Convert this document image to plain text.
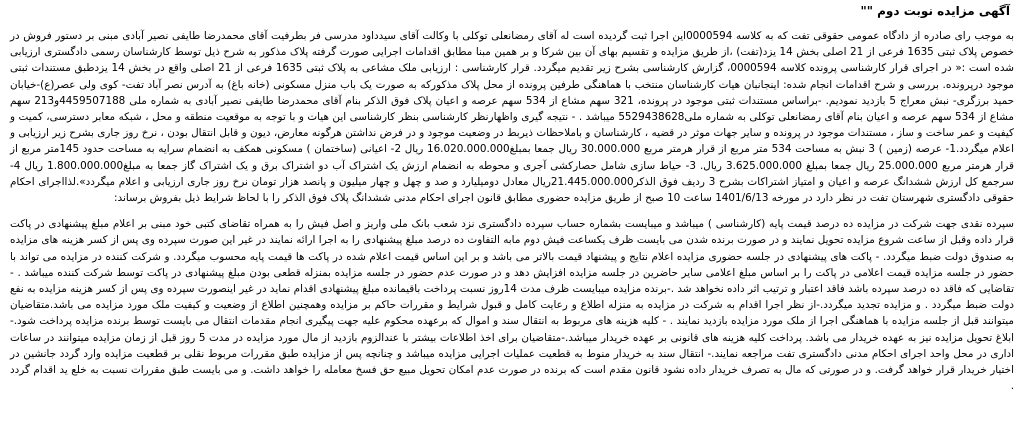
آگهی مزایده نوبت دوم ""

به موجب رای صادره از دادگاه عمومی حقوقی تفت که به کلاسه 0000594این اجرا ثبت گردیده است له آقای رمضانعلی توکلی با وکالت آقای سیدداود مدرسی فر بطرفیت آقای محمدرضا طایفی نصیر آبادی مبنی بر دستور فروش در خصوص پلاک ثبتی 1635 فرعی از 21 اصلی بخش 14 یزد(تفت) ،از طریق مزایده و تقسیم بهای آن بین شرکا و بر همین مبنا مطابق اقدامات اجرایی صورت گرفته پلاک مذکور به شرح ذیل توسط کارشناسان رسمی دادگستری ارزیابی شده است :« در اجرای قرار کارشناسی پرونده کلاسه 0000594، گزارش کارشناسی بشرح زیر تقدیم میگردد. قرار کارشناسی : ارزیابی ملک مشاعی به پلاک ثبتی 1635 فرعی از 21 اصلی واقع در بخش 14 یزدطبق مستندات ثبتی موجود درپرونده. بررسی و شرح اقدامات انجام شده: اینجانبان هیات کارشناسان منتخب با هماهنگی طرفین پرونده از محل پلاک مذکورکه به صورت یک باب منزل مسکونی (خانه باغ) به آدرس نصر آباد تفت- کوی ولی عصر(ع)-خیابان حمید برزگری- نبش معراج 5 بازدید نمودیم. -براساس مستندات ثبتی موجود در پرونده، 321 سهم مشاع از 534 سهم عرصه و اعیان پلاک فوق الذکر بنام آقای محمدرضا طایفی نصیر آبادی به شماره ملی 4459507188و213 سهم مشاع از 534 سهم عرصه و اعیان بنام آقای رمضانعلی توکلی به شماره ملی5529438628 میباشد . - نتیجه گیری واظهارنظر کارشناسی بنظر کارشناسی این هیات و با توجه به موقعیت منطقه و محل ، شبکه معابر دسترسی، کمیت و کیفیت و عمر ساخت و ساز ، مستندات موجود در پرونده و سایر جهات موثر در قضیه ، کارشناسان و باملاحظات ذیربط در وضعیت موجود و در فرض نداشتن هرگونه معارض، دیون و قابل انتقال بودن ، نرخ روز جاری بشرح زیر ارزیابی و اعلام میگردد.1- عرصه (زمین ) 3 نبش به مساحت 534 متر مربع از قرار هرمتر مربع 30.000.000 ریال جمعا بمبلغ16.020.000.000 ریال 2- اعیانی (ساختمان ) مسکونی همکف به انضمام سرایه به مساحت حدود 145متر مربع از قرار هرمتر مربع 25.000.000 ریال جمعا بمبلغ 3.625.000.000 ریال. 3- حیاط سازی شامل حصارکشی آجری و محوطه به انضمام ارزش یک اشتراک آب دو اشتراک برق و یک اشتراک گاز جمعا به مبلغ1.800.000.000 ریال 4- سرجمع کل ارزش ششدانگ عرصه و اعیان و امتیاز اشتراکات بشرح 3 ردیف فوق الذکر21.445.000.000ریال معادل دومیلیارد و صد و چهل و چهار میلیون و پانصد هزار تومان نرخ روز جاری ارزیابی و اعلام میگردد».لذااجرای احکام حقوقی دادگستری شهرستان تفت در نظر دارد در مورخه 1401/6/13 ساعت 10 صبح از طریق مزایده حضوری مطابق قانون اجرای احکام مدنی ششدانگ پلاک فوق الذکر را با لحاظ شرایط ذیل بفروش برساند:

سپرده نقدی جهت شرکت در مزایده ده درصد قیمت پایه (کارشناسی ) میباشد و میبایست بشماره حساب سپرده دادگستری نزد شعب بانک ملی واریز و اصل فیش را به همراه تقاضای کتبی خود مبنی بر اعلام مبلغ پیشنهادی در پاکت قرار داده وقبل از ساعت شروع مزایده تحویل نمایند و در صورت برنده شدن می بایست ظرف یکساعت فیش دوم مابه التفاوت ده درصد مبلغ پیشنهادی را به اجرا ارائه نمایند در غیر این صورت سپرده وی پس از کسر هزینه های مزایده به صندوق دولت ضبط میگردد. - پاکت های پیشنهادی در جلسه حضوری مزایده اعلام نتایج و پیشنهاد قیمت بالاتر می باشد و بر این اساس قیمت اعلام شده در پاکت ها قیمت پایه محسوب میگردد. و شرکت کننده در مزایده می تواند با حضور در جلسه مزایده قیمت اعلامی در پاکت را بر اساس مبلغ اعلامی سایر حاضرین در جلسه مزایده افزایش دهد و در صورت عدم حضور در جلسه مزایده بمنزله قطعی بودن مبلغ پیشنهادی در پاکت توسط شرکت کننده میباشد . - تقاضایی که فاقد ده درصد سپرده باشد فاقد اعتبار و ترتیب اثر داده نخواهد شد .-برنده مزایده میبایست ظرف مدت 14روز نسبت پرداخت باقیمانده مبلغ پیشنهادی اقدام نماید در غیر اینصورت سپرده وی پس از کسر هزینه مزایده به نفع دولت ضبط میگردد . و مزایده تجدید میگردد.-از نظر اجرا اقدام به شرکت در مزایده به منزله اطلاع و رعایت کامل و قبول شرایط و مقررات حاکم بر مزایده وهمچنین اطلاع از وضعیت و کیفیت ملک مورد مزایده می باشد.متقاضیان میتوانند قبل از جلسه مزایده با هماهنگی اجرا از ملک مورد مزایده بازدید نمایند . - کلیه هزینه های مربوط به انتقال سند و اموال که برعهده محکوم علیه جهت پیگیری انجام مقدمات انتقال می بایست توسط برنده مزایده پرداخت شود.-ابلاغ تحویل مزایده نیز به عهده خریدار می باشد. پرداخت کلیه هزینه های قانونی بر عهده خریدار میباشد.-متقاضیان برای اخذ اطلاعات بیشتر با عندالزوم بازدید از مال مورد مزایده در مدت 5 روز قبل از زمان مزایده میتوانند در ساعات اداری در محل واحد اجرای احکام مدنی دادگستری تفت مراجعه نمایند.- انتقال سند به خریدار منوط به قطعیت عملیات اجرایی مزایده میباشد و چنانچه پس از مزایده طبق مقررات مربوط نقلی بر قطعیت مزایده وارد گردد جانشین در اختیار خریدار قرار خواهد گرفت. و در صورتی که مال به تصرف خریدار داده نشود قانون مقدم است که برنده در صورت عدم امکان تحویل مبیع حق فسخ معامله را خواهد داشت. و می بایست طبق مقررات نسبت به خلع ید اقدام گردد .
